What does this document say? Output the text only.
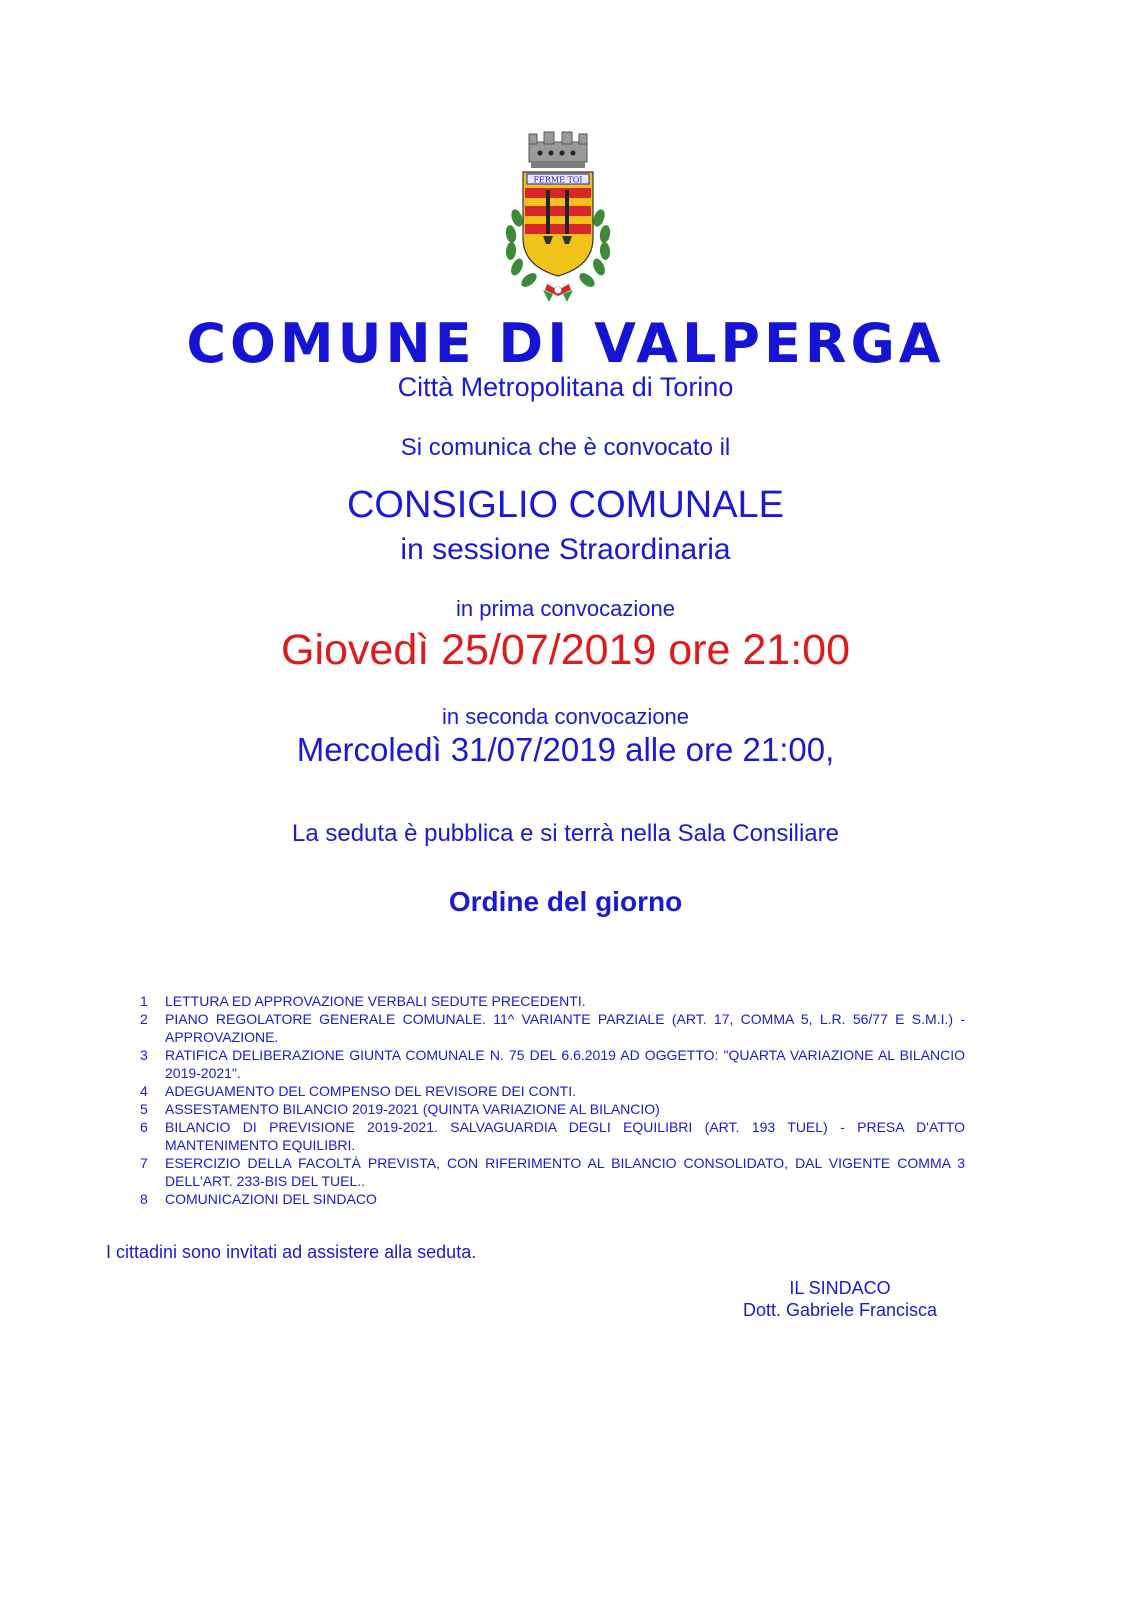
FERME TOI
COMUNE DI VALPERGA
Città Metropolitana di Torino
Si comunica che è convocato il
CONSIGLIO COMUNALE
in sessione Straordinaria
in prima convocazione
Giovedì 25/07/2019 ore 21:00
in seconda convocazione
Mercoledì 31/07/2019 alle ore 21:00,
La seduta è pubblica e si terrà nella Sala Consiliare
Ordine del giorno
1	LETTURA ED APPROVAZIONE VERBALI SEDUTE PRECEDENTI.
2	PIANO REGOLATORE GENERALE COMUNALE. 11^ VARIANTE PARZIALE (ART. 17, COMMA 5, L.R. 56/77 E S.M.I.) - APPROVAZIONE.
3	RATIFICA DELIBERAZIONE GIUNTA COMUNALE N. 75 DEL 6.6.2019 AD OGGETTO: "QUARTA VARIAZIONE AL BILANCIO 2019-2021".
4	ADEGUAMENTO DEL COMPENSO DEL REVISORE DEI CONTI.
5	ASSESTAMENTO BILANCIO 2019-2021 (QUINTA VARIAZIONE AL BILANCIO)
6	BILANCIO DI PREVISIONE 2019-2021. SALVAGUARDIA DEGLI EQUILIBRI (ART. 193 TUEL) - PRESA D'ATTO MANTENIMENTO EQUILIBRI.
7	ESERCIZIO DELLA FACOLTÀ PREVISTA, CON RIFERIMENTO AL BILANCIO CONSOLIDATO, DAL VIGENTE COMMA 3 DELL'ART. 233-BIS DEL TUEL..
8	COMUNICAZIONI DEL SINDACO
I cittadini sono invitati ad assistere alla seduta.
IL SINDACO
Dott. Gabriele Francisca
